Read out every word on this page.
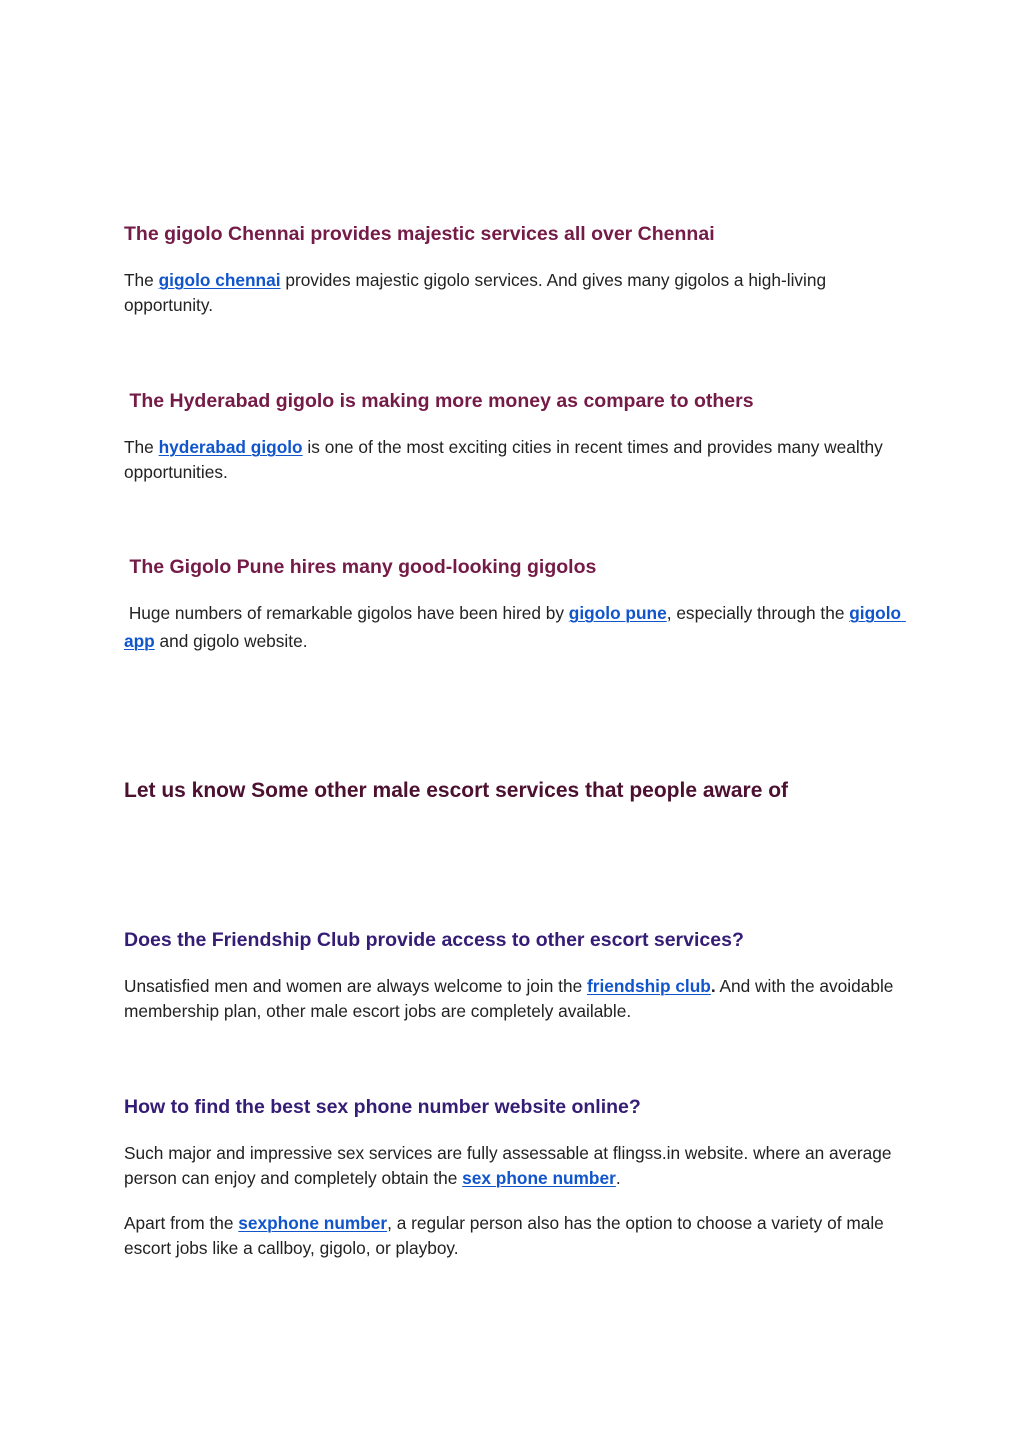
The gigolo Chennai provides majestic services all over Chennai

The gigolo chennai provides majestic gigolo services. And gives many gigolos a high-living opportunity.

The Hyderabad gigolo is making more money as compare to others

The hyderabad gigolo is one of the most exciting cities in recent times and provides many wealthy opportunities.

The Gigolo Pune hires many good-looking gigolos

Huge numbers of remarkable gigolos have been hired by gigolo pune, especially through the gigolo app and gigolo website.

Let us know Some other male escort services that people aware of
Does the Friendship Club provide access to other escort services?

Unsatisfied men and women are always welcome to join the friendship club. And with the avoidable membership plan, other male escort jobs are completely available.

How to find the best sex phone number website online?

Such major and impressive sex services are fully assessable at flingss.in website. where an average person can enjoy and completely obtain the sex phone number.

Apart from the sexphone number, a regular person also has the option to choose a variety of male escort jobs like a callboy, gigolo, or playboy.
